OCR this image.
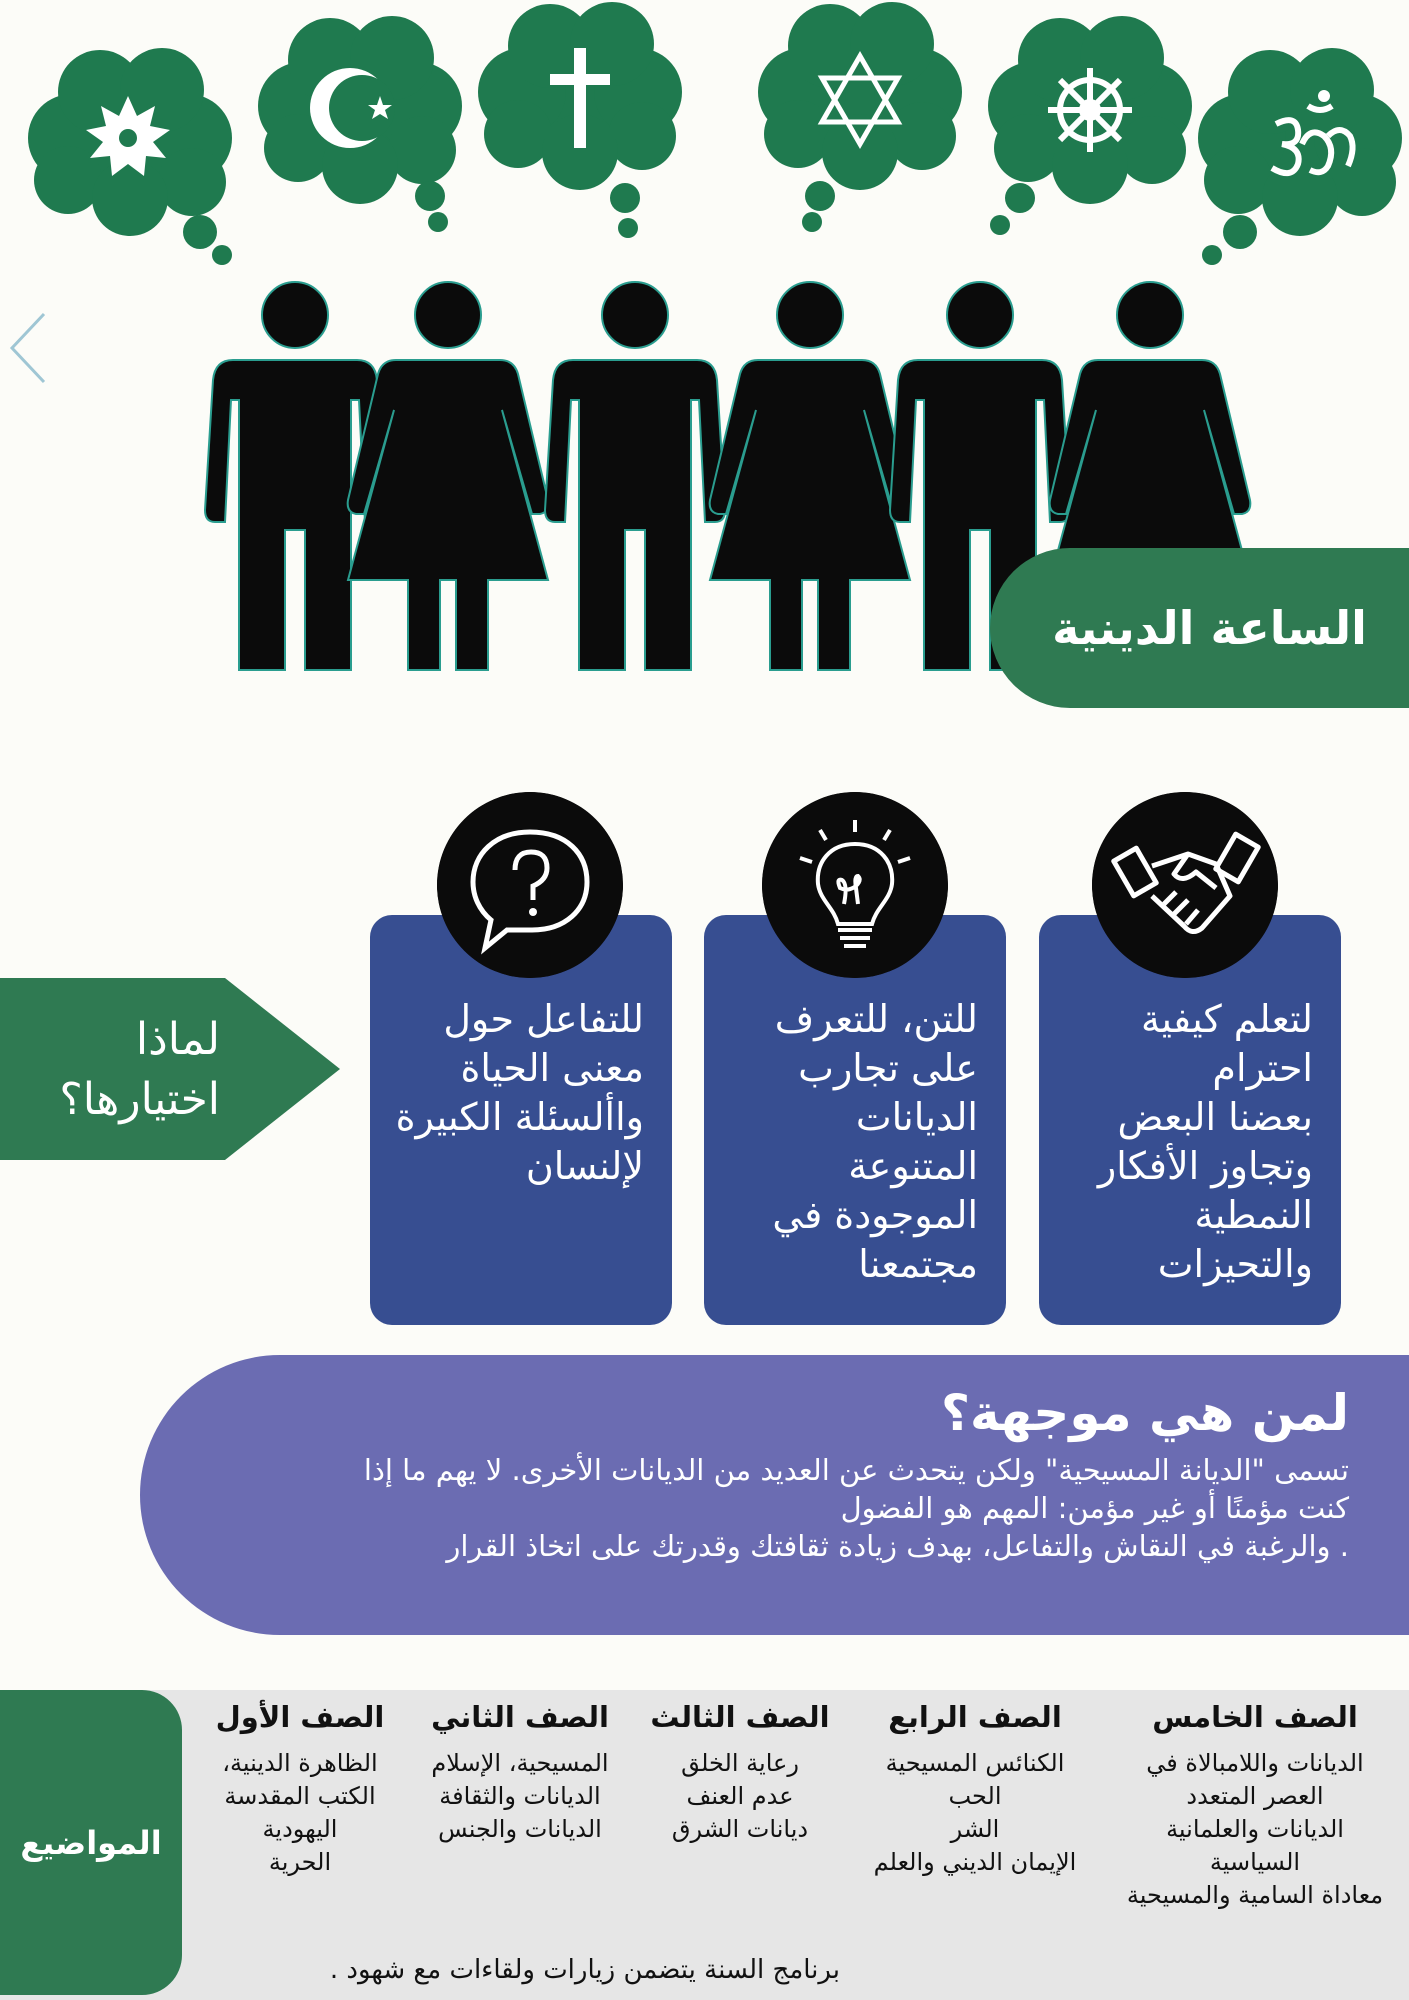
الساعة الدينية
لماذا
اختيارها؟
للتفاعل حول
معنى الحياة
واألسئلة الكبيرة
لإلنسان
للتن، للتعرف
على تجارب
الديانات
المتنوعة
الموجودة في
مجتمعنا
لتعلم كيفية
احترام
بعضنا البعض
وتجاوز الأفكار
النمطية
والتحيزات
لمن هي موجهة؟

تسمى "الديانة المسيحية" ولكن يتحدث عن العديد من الديانات الأخرى. لا يهم ما إذا

كنت مؤمنًا أو غير مؤمن: المهم هو الفضول

. والرغبة في النقاش والتفاعل، بهدف زيادة ثقافتك وقدرتك على اتخاذ القرار

المواضيع
الصف الخامس
الديانات واللامبالاة في
العصر المتعدد
الديانات والعلمانية
السياسية
معاداة السامية والمسيحية
الصف الرابع
الكنائس المسيحية
الحب
الشر
الإيمان الديني والعلم
الصف الثالث
رعاية الخلق
عدم العنف
ديانات الشرق
الصف الثاني
المسيحية، الإسلام
الديانات والثقافة
الديانات والجنس
الصف الأول
الظاهرة الدينية،
الكتب المقدسة
اليهودية
الحرية
برنامج السنة يتضمن زيارات ولقاءات مع شهود .
